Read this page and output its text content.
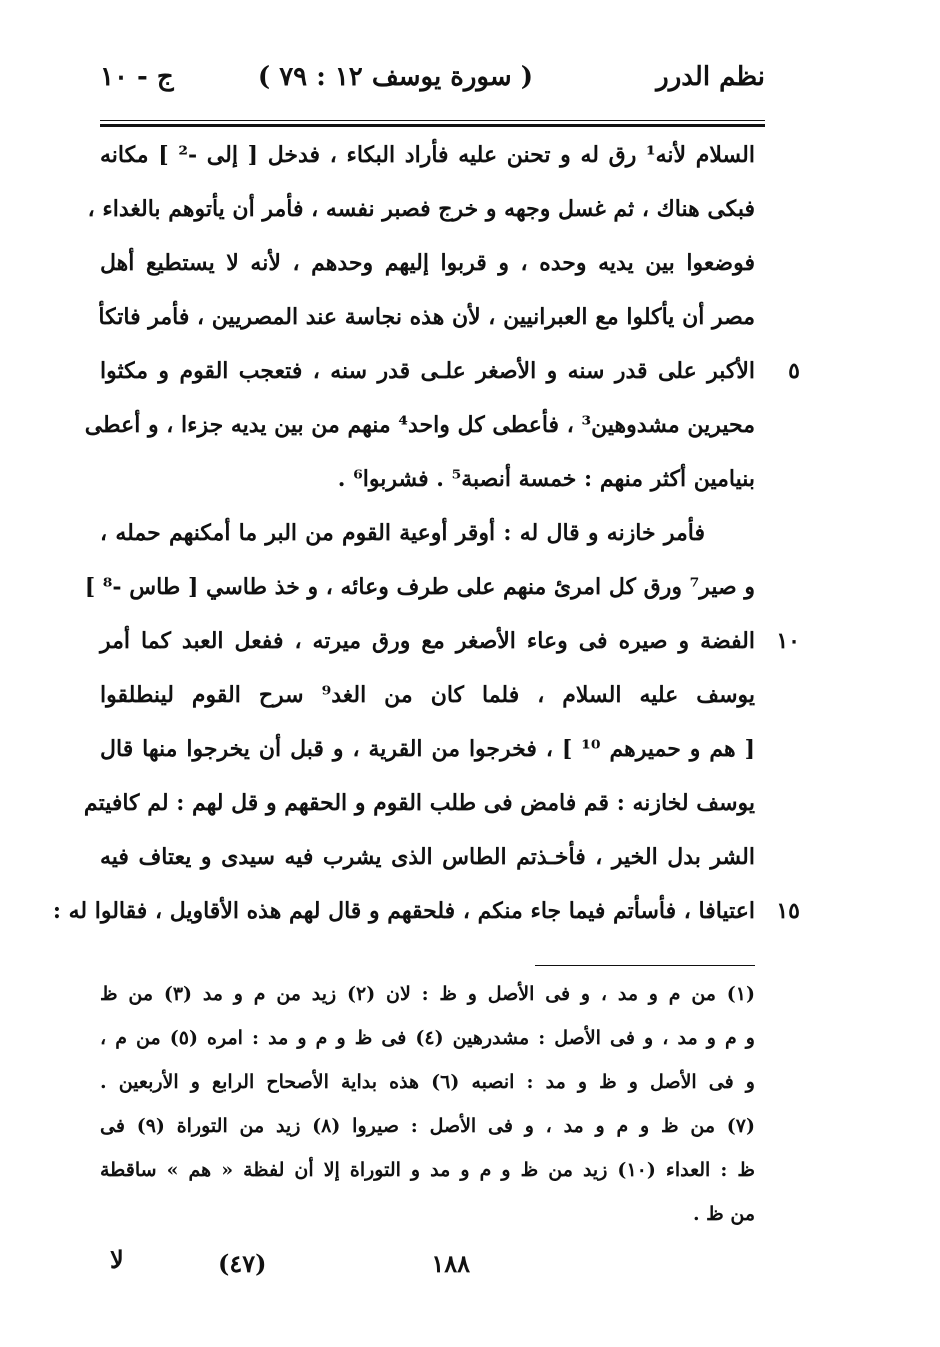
نظم الدرر
( سورة يوسف ١٢ : ٧٩ )
ج - ١٠
السلام لأنه¹ رق له و تحنن عليه فأراد البكاء ، فدخل [ إلى -² ] مكانه
فبكى هناك ، ثم غسل وجهه و خرج فصبر نفسه ، فأمر أن يأتوهم بالغداء ،
فوضعوا بين يديه وحده ، و قربوا إليهم وحدهم ، لأنه لا يستطيع أهل
مصر أن يأكلوا مع العبرانيين ، لأن هذه نجاسة عند المصريين ، فأمر فاتكأ
٥
الأكبر على قدر سنه و الأصغر علـى قدر سنه ، فتعجب القوم و مكثوا
محيرين مشدوهين³ ، فأعطى كل واحد⁴ منهم من بين يديه جزءا ، و أعطى
بنيامين أكثر منهم : خمسة أنصبة⁵ . فشربوا⁶ .
فأمر خازنه و قال له : أوقر أوعية القوم من البر ما أمكنهم حمله ،
و صير⁷ ورق كل امرئ منهم على طرف وعائه ، و خذ طاسي [ طاس -⁸ ]
١٠
الفضة و صيره فى وعاء الأصغر مع ورق ميرته ، ففعل العبد كما أمر
يوسف عليه السلام ، فلما كان من الغد⁹ سرح القوم لينطلقوا
[ هم و حميرهم ¹⁰ ] ، فخرجوا من القرية ، و قبل أن يخرجوا منها قال
يوسف لخازنه : قم فامض فى طلب القوم و الحقهم و قل لهم : لم كافيتم
الشر بدل الخير ، فأخـذتم الطاس الذى يشرب فيه سيدى و يعتاف فيه
١٥
اعتيافا ، فأسأتم فيما جاء منكم ، فلحقهم و قال لهم هذه الأقاويل ، فقالوا له :
(١) من م و مد ، و فى الأصل و ظ : لان (٢) زيد من م و مد (٣) من ظ
و م و مد ، و فى الأصل : مشدرهين (٤) فى ظ و م و مد : امره (٥) من م ،
و فى الأصل و ظ و مد : انصبه (٦) هذه بداية الأصحاح الرابع و الأربعين .
(٧) من ظ و م و مد ، و فى الأصل : صيروا (٨) زيد من التوراة (٩) فى
ظ : العداء (١٠) زيد من ظ و م و مد و التوراة إلا أن لفظة « هم » ساقطة
من ظ .
لا	(٤٧)	١٨٨
